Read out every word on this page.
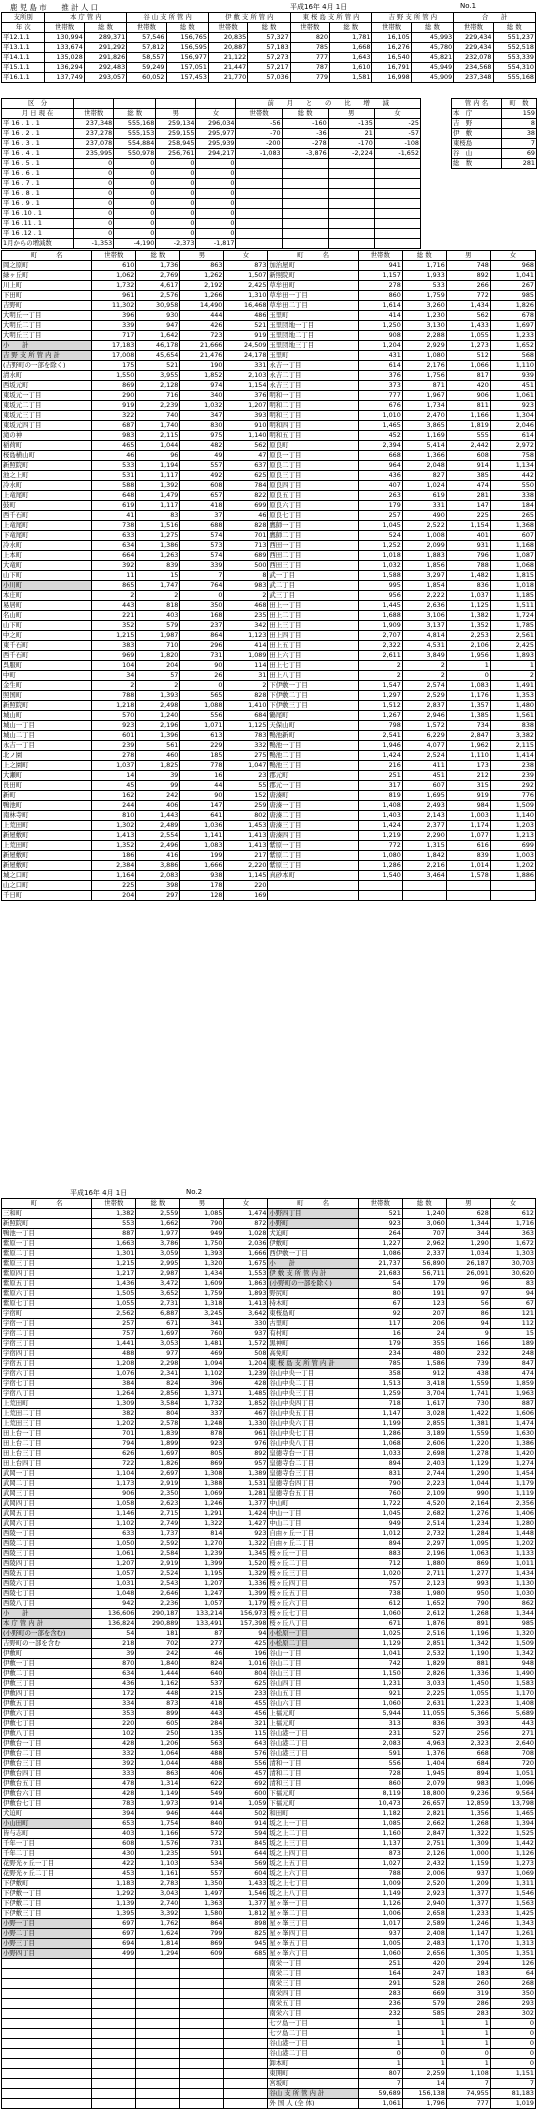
鹿 児 島 市　　推 計 人 口	平成16年 4月 1日	No.1
支所別	本 庁 管 内		谷 山 支 所 管 内		伊 敷 支 所 管 内		東 桜 島 支 所 管 内		吉 野 支 所 管 内		合　　計	
年 次	世帯数	総 数	世帯数	総 数	世帯数	総 数	世帯数	総 数	世帯数	総 数	世帯数	総 数
平12.1.1	130,994	289,371	57,546	156,765	20,835	57,327	820	1,781	16,105	45,993	229,434	551,237
平13.1.1	133,674	291,292	57,812	156,595	20,887	57,183	785	1,668	16,276	45,780	229,434	552,518
平14.1.1	135,028	291,826	58,557	156,977	21,122	57,273	777	1,643	16,540	45,821	232,078	553,339
平15.1.1	136,294	292,483	59,249	157,051	21,447	57,217	787	1,610	16,791	45,949	234,568	554,310
平16.1.1	137,749	293,057	60,052	157,453	21,770	57,036	779	1,581	16,998	45,909	237,348	555,168
区　分					前　　月　　と　　の　　比　　増　　減			
月 日 現 在	世帯数	総 数	男	女	世帯数	総 数	男	女
平 16 . 1 . 1	237,348	555,168	259,134	296,034	-56	-160	-135	-25
平 16 . 2 . 1	237,278	555,153	259,155	295,977	-70	-36	21	-57
平 16 . 3 . 1	237,078	554,884	258,945	295,939	-200	-278	-170	-108
平 16 . 4 . 1	235,995	550,978	256,761	294,217	-1,083	-3,876	-2,224	-1,652
平 16 . 5 . 1	0	0	0	0				
平 16 . 6 . 1	0	0	0	0				
平 16 . 7 . 1	0	0	0	0				
平 16 . 8 . 1	0	0	0	0				
平 16 . 9 . 1	0	0	0	0				
平 16 .10 . 1	0	0	0	0				
平 16 .11 . 1	0	0	0	0				
平 16 .12 . 1	0	0	0	0				
1月からの増減数	-1,353	-4,190	-2,373	-1,817				
管 内 名	町　数
本　庁	159
吉　野	8
伊　敷	38
東桜島	7
谷　山	69
総　数	281
町　　　名	世帯数	総 数	男	女	町　　　名	世帯数	総 数	男	女
岡之原町	610	1,736	863	873	加治屋町	941	1,716	748	968
緑ヶ丘町	1,062	2,769	1,262	1,507	新照院町	1,157	1,933	892	1,041
川上町	1,732	4,617	2,192	2,425	草牟田町	278	533	266	267
下田町	961	2,576	1,266	1,310	草牟田一丁目	860	1,759	772	985
吉野町	11,302	30,958	14,490	16,468	草牟田二丁目	1,614	3,260	1,434	1,826
大明丘一丁目	396	930	444	486	玉里町	414	1,230	562	678
大明丘二丁目	339	947	426	521	玉里団地一丁目	1,250	3,130	1,433	1,697
大明丘三丁目	717	1,642	723	919	玉里団地二丁目	908	2,288	1,055	1,233
小　　計	17,183	46,178	21,666	24,509	玉里団地三丁目	1,204	2,929	1,273	1,652
吉 野 支 所 管 内 計	17,008	45,654	21,476	24,178	玉里町	431	1,080	512	568
(吉野町の一部を除く)	175	521	190	331	永吉一丁目	614	2,176	1,066	1,110
清水町	1,550	3,955	1,852	2,103	永吉二丁目	376	1,756	817	939
西坂元町	869	2,128	974	1,154	永吉三丁目	373	871	420	451
東坂元一丁目	290	716	340	376	明和一丁目	777	1,967	906	1,061
東坂元二丁目	919	2,239	1,032	1,207	明和二丁目	676	1,734	811	923
東坂元三丁目	322	740	347	393	明和三丁目	1,010	2,470	1,166	1,304
東坂元四丁目	687	1,740	830	910	明和四丁目	1,465	3,865	1,819	2,046
滝の神	983	2,115	975	1,140	明和五丁目	452	1,169	555	614
稲荷町	465	1,044	482	562	原良町	2,394	5,414	2,442	2,972
桜島横山町	46	96	49	47	原良一丁目	668	1,366	608	758
新照院町	533	1,194	557	637	原良二丁目	964	2,048	914	1,134
池之上町	531	1,117	492	625	原良三丁目	436	827	385	442
冷水町	588	1,392	608	784	原良四丁目	407	1,024	474	550
上竜尾町	648	1,479	657	822	原良五丁目	263	619	281	338
鼓町	619	1,117	418	699	原良六丁目	179	331	147	184
西千石町	41	83	37	46	原良七丁目	257	490	225	265
上竜尾町	738	1,516	688	828	鷹師一丁目	1,045	2,522	1,154	1,368
下竜尾町	633	1,275	574	701	鷹師二丁目	524	1,008	401	607
冷水町	634	1,386	573	713	西田一丁目	1,252	2,099	931	1,168
上本町	664	1,263	574	689	西田二丁目	1,018	1,883	796	1,087
大竜町	392	839	339	500	西田三丁目	1,032	1,856	788	1,068
山下町	11	15	7	8	武一丁目	1,588	3,297	1,482	1,815
小川町	865	1,747	764	983	武二丁目	995	1,854	836	1,018
本庄町	2	2	0	2	武三丁目	956	2,222	1,037	1,185
易居町	443	818	350	468	田上一丁目	1,445	2,636	1,125	1,511
名山町	221	403	168	235	田上二丁目	1,688	3,106	1,382	1,724
山下町	352	579	237	342	田上三丁目	1,909	3,137	1,352	1,785
中之町	1,215	1,987	864	1,123	田上四丁目	2,707	4,814	2,253	2,561
東千石町	383	710	296	414	田上五丁目	2,322	4,531	2,106	2,425
西千石町	969	1,820	731	1,089	田上六丁目	2,611	3,849	1,956	1,893
呉服町	104	204	90	114	田上七丁目	2	2	1	1
中町	34	57	26	31	田上八丁目	2	2	0	2
金生町	2	2	0	2	下伊敷一丁目	1,547	2,574	1,083	1,491
照国町	788	1,393	565	828	下伊敷二丁目	1,297	2,529	1,176	1,353
新照院町	1,218	2,498	1,088	1,410	下伊敷三丁目	1,512	2,837	1,357	1,480
城山町	570	1,240	556	684	鶴尾町	1,267	2,946	1,385	1,561
城山一丁目	923	2,196	1,071	1,125	天保山町	798	1,572	734	838
城山二丁目	601	1,396	613	783	鴨池新町	2,541	6,229	2,847	3,382
永吉一丁目	239	561	229	332	鴨池一丁目	1,946	4,077	1,962	2,115
北ノ園	278	460	185	275	鴨池二丁目	1,424	2,524	1,110	1,414
上之園町	1,037	1,825	778	1,047	鴨池三丁目	216	411	173	238
大瀬町	14	39	16	23	郡元町	251	451	212	239
長田町	45	99	44	55	郡元一丁目	317	607	315	292
新町	162	242	90	152	唐湊町	819	1,695	919	776
鴨池町	244	406	147	259	唐湊一丁目	1,408	2,493	984	1,509
南林寺町	810	1,443	641	802	唐湊二丁目	1,403	2,143	1,003	1,140
上荒田町	1,302	2,489	1,036	1,453	唐湊三丁目	1,424	2,377	1,174	1,203
新屋敷町	1,413	2,554	1,141	1,413	唐湊四丁目	1,219	2,290	1,077	1,213
上荒田町	1,352	2,496	1,083	1,413	紫原一丁目	772	1,315	616	699
新屋敷町	186	416	199	217	紫原二丁目	1,080	1,842	839	1,003
新屋敷町	2,384	3,886	1,666	2,220	紫原三丁目	1,286	2,216	1,014	1,202
城之口町	1,164	2,083	938	1,145	真砂本町	1,540	3,464	1,578	1,886
山之口町	225	398	178	220					
千日町	204	297	128	169					
平成16年 4月 1日	No.2
町　　　名	世帯数	総 数	男	女	町　　　名	世帯数	総 数	男	女
三和町	1,382	2,559	1,085	1,474	小野四丁目	521	1,240	628	612
新照院町	553	1,662	790	872	小野町	923	3,060	1,344	1,716
鴨池一丁目	887	1,977	949	1,028	犬迫町	264	707	344	363
紫原一丁目	1,663	3,786	1,750	2,036	伊敷町	1,227	2,962	1,290	1,672
紫原二丁目	1,301	3,059	1,393	1,666	西伊敷一丁目	1,086	2,337	1,034	1,303
紫原三丁目	1,215	2,995	1,320	1,675	小　　計	21,737	56,890	26,187	30,703
紫原四丁目	1,217	2,987	1,434	1,553	伊 敷 支 所 管 内 計	21,683	56,711	26,091	30,620
紫原五丁目	1,436	3,472	1,609	1,863	(小野町の一部を除く)	54	179	96	83
紫原六丁目	1,505	3,652	1,759	1,893	野尻町	80	191	97	94
紫原七丁目	1,055	2,731	1,318	1,413	持木町	67	123	56	67
宇宿町	2,562	6,887	3,245	3,642	東桜島町	92	207	86	121
宇宿一丁目	257	671	341	330	古里町	117	206	94	112
宇宿二丁目	757	1,697	760	937	有村町	16	24	9	15
宇宿三丁目	1,441	3,053	1,481	1,572	黒神町	179	355	166	189
宇宿四丁目	488	977	469	508	高免町	234	480	232	248
宇宿五丁目	1,208	2,298	1,094	1,204	東 桜 島 支 所 管 内 計	785	1,586	739	847
宇宿六丁目	1,076	2,341	1,102	1,239	谷山中央一丁目	358	912	438	474
宇宿七丁目	384	824	396	428	谷山中央二丁目	1,513	3,418	1,559	1,859
宇宿八丁目	1,264	2,856	1,371	1,485	谷山中央三丁目	1,259	3,704	1,741	1,963
上荒田町	1,309	3,584	1,732	1,852	谷山中央四丁目	718	1,617	730	887
上荒田二丁目	382	804	337	467	谷山中央五丁目	1,147	3,028	1,422	1,606
上荒田三丁目	1,202	2,578	1,248	1,330	谷山中央六丁目	1,199	2,855	1,381	1,474
田上台一丁目	701	1,839	878	961	谷山中央七丁目	1,286	3,189	1,559	1,630
田上台二丁目	794	1,899	923	976	谷山中央八丁目	1,068	2,606	1,220	1,386
田上台三丁目	626	1,697	805	892	皇徳寺台一丁目	1,033	2,698	1,278	1,420
田上台四丁目	722	1,826	869	957	皇徳寺台二丁目	894	2,403	1,129	1,274
武岡一丁目	1,104	2,697	1,308	1,389	皇徳寺台三丁目	831	2,744	1,290	1,454
武岡二丁目	1,173	2,919	1,388	1,531	皇徳寺台四丁目	790	2,223	1,044	1,179
武岡三丁目	906	2,350	1,069	1,281	皇徳寺台五丁目	760	2,109	990	1,119
武岡四丁目	1,058	2,623	1,246	1,377	中山町	1,722	4,520	2,164	2,356
武岡五丁目	1,146	2,715	1,291	1,424	中山一丁目	1,045	2,682	1,276	1,406
武岡六丁目	1,102	2,749	1,322	1,427	中山二丁目	949	2,514	1,234	1,280
西陵一丁目	633	1,737	814	923	自由ヶ丘一丁目	1,012	2,732	1,284	1,448
西陵二丁目	1,050	2,592	1,270	1,322	自由ヶ丘二丁目	894	2,297	1,095	1,202
西陵三丁目	1,061	2,584	1,239	1,345	桜ヶ丘一丁目	883	2,196	1,063	1,133
西陵四丁目	1,207	2,919	1,399	1,520	桜ヶ丘二丁目	712	1,880	869	1,011
西陵五丁目	1,057	2,524	1,195	1,329	桜ヶ丘三丁目	1,020	2,711	1,277	1,434
西陵六丁目	1,031	2,543	1,207	1,336	桜ヶ丘四丁目	757	2,123	993	1,130
西陵七丁目	1,048	2,646	1,247	1,399	桜ヶ丘五丁目	738	1,980	950	1,030
西陵八丁目	942	2,236	1,057	1,179	桜ヶ丘六丁目	612	1,652	790	862
小　　計	136,606	290,187	133,214	156,973	桜ヶ丘七丁目	1,060	2,612	1,268	1,344
本 庁 管 内 計	136,824	290,889	133,491	157,398	桜ヶ丘八丁目	671	1,876	891	985
(小野町の一部を含む)	54	181	87	94	小松原一丁目	1,025	2,516	1,196	1,320
吉野町の一部を含む	218	702	277	425	小松原二丁目	1,129	2,851	1,342	1,509
伊敷町	39	242	46	196	谷山一丁目	1,041	2,532	1,190	1,342
伊敷一丁目	870	1,840	824	1,016	谷山二丁目	742	1,829	881	948
伊敷二丁目	634	1,444	640	804	谷山三丁目	1,150	2,826	1,336	1,490
伊敷三丁目	436	1,162	537	625	谷山四丁目	1,231	3,033	1,450	1,583
伊敷四丁目	172	448	215	233	谷山五丁目	921	2,225	1,055	1,170
伊敷五丁目	334	873	418	455	谷山六丁目	1,060	2,631	1,223	1,408
伊敷六丁目	353	899	443	456	上福元町	5,944	11,055	5,366	5,689
伊敷七丁目	220	605	284	321	上福元町	313	836	393	443
伊敷八丁目	102	250	135	115	谷山港一丁目	231	527	256	271
伊敷台一丁目	428	1,206	563	643	谷山港二丁目	2,083	4,963	2,323	2,640
伊敷台二丁目	332	1,064	488	576	谷山港三丁目	591	1,376	668	708
伊敷台三丁目	392	1,044	488	556	清和一丁目	556	1,404	684	720
伊敷台四丁目	333	863	406	457	清和二丁目	728	1,945	894	1,051
伊敷台五丁目	478	1,314	622	692	清和三丁目	860	2,079	983	1,096
伊敷台六丁目	428	1,149	549	600	下福元町	8,119	18,800	9,236	9,564
伊敷台七丁目	783	1,973	914	1,059	下福元町	10,473	26,657	12,859	13,798
犬迫町	394	946	444	502	和田町	1,182	2,821	1,356	1,465
小山田町	653	1,754	840	914	坂之上一丁目	1,085	2,662	1,268	1,394
皆与志町	403	1,166	572	594	坂之上二丁目	1,160	2,847	1,322	1,525
千年一丁目	608	1,576	731	845	坂之上三丁目	1,137	2,751	1,309	1,442
千年二丁目	430	1,235	591	644	坂之上四丁目	873	2,126	1,000	1,126
花野光ヶ丘一丁目	422	1,103	534	569	坂之上五丁目	1,027	2,432	1,159	1,273
花野光ヶ丘二丁目	453	1,161	557	604	坂之上六丁目	788	2,006	937	1,069
下伊敷町	1,183	2,783	1,350	1,433	坂之上七丁目	1,009	2,520	1,209	1,311
下伊敷一丁目	1,292	3,043	1,497	1,546	坂之上八丁目	1,149	2,923	1,377	1,546
下伊敷二丁目	1,139	2,740	1,363	1,377	星ヶ峯一丁目	1,126	2,940	1,377	1,563
下伊敷三丁目	1,395	3,392	1,580	1,812	星ヶ峯二丁目	1,006	2,658	1,233	1,425
小野一丁目	697	1,762	864	898	星ヶ峯三丁目	1,017	2,589	1,246	1,343
小野二丁目	697	1,624	799	825	星ヶ峯四丁目	937	2,408	1,147	1,261
小野三丁目	694	1,814	869	945	星ヶ峯五丁目	1,005	2,483	1,170	1,313
小野四丁目	499	1,294	609	685	星ヶ峯六丁目	1,060	2,656	1,305	1,351
					南栄一丁目	251	420	294	126
					南栄二丁目	164	247	183	64
					南栄三丁目	291	528	260	268
					南栄四丁目	283	669	319	350
					南栄五丁目	236	579	286	293
					南栄六丁目	232	585	283	302
					七ツ島一丁目	1	1	1	0
					七ツ島二丁目	1	1	1	0
					谷山港一丁目	1	1	1	0
					谷山港二丁目	0	0	0	0
					卸本町	1	1	1	0
					東開町	807	2,259	1,108	1,151
					宮坂町	7	14	7	7
					谷山 支 所 管 内 計	59,689	156,138	74,955	81,183
					外 国 人 (全 体)	1,061	1,796	777	1,019
